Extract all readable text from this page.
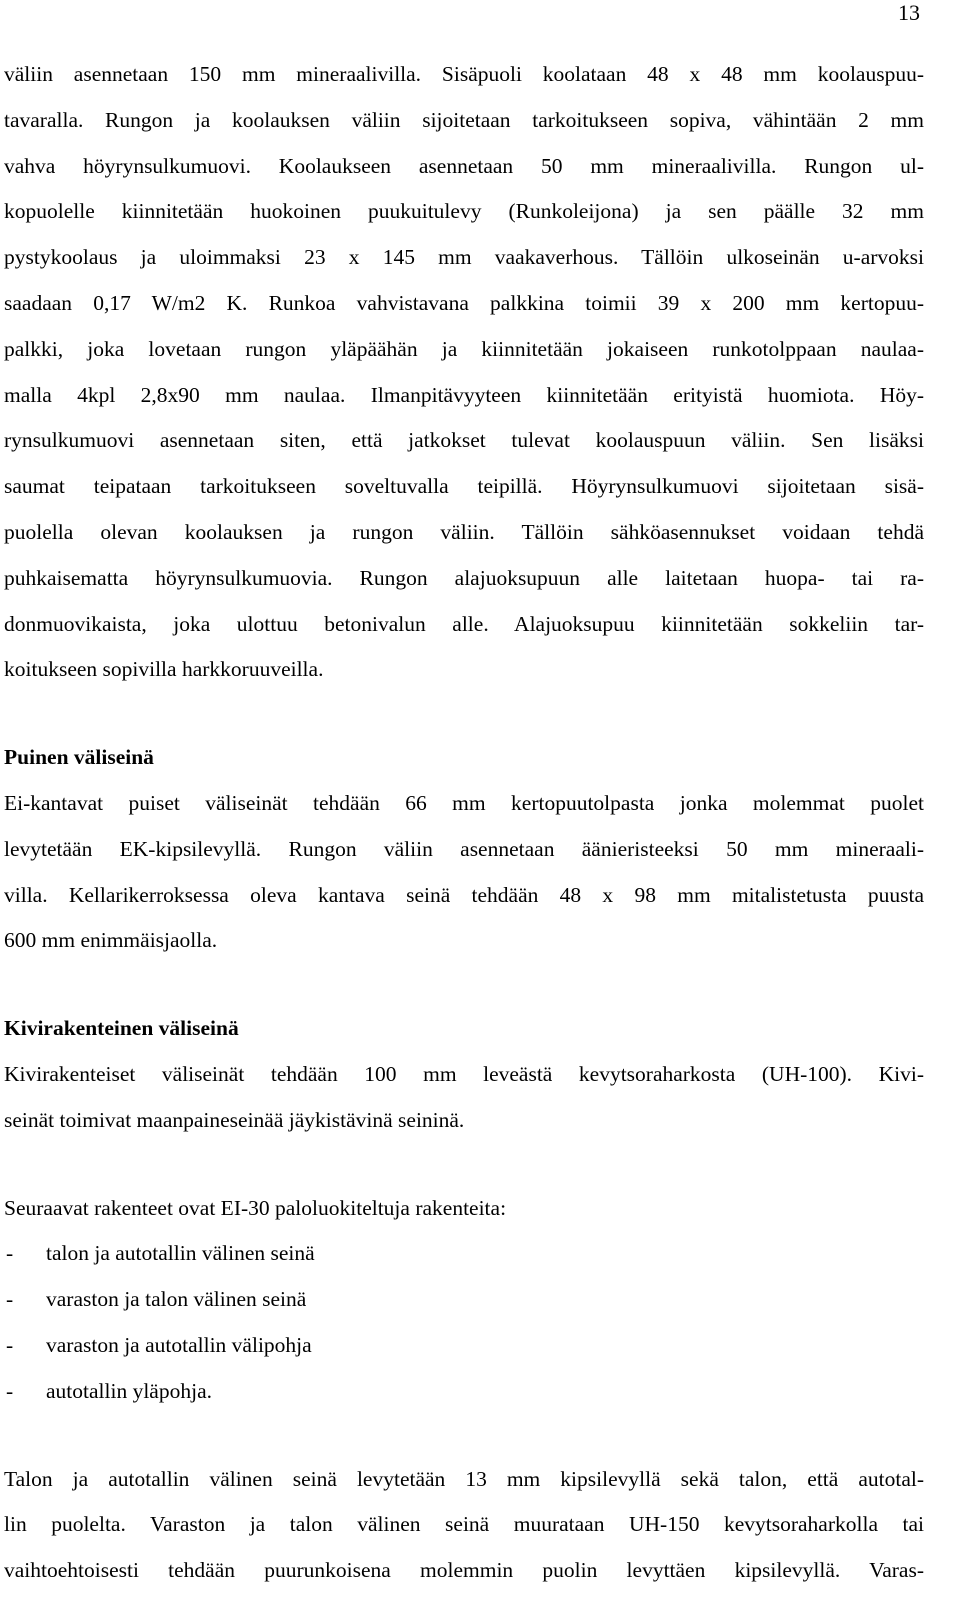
13

väliin asennetaan 150 mm mineraalivilla. Sisäpuoli koolataan 48 x 48 mm koolauspuu-
tavaralla. Rungon ja koolauksen väliin sijoitetaan tarkoitukseen sopiva, vähintään 2 mm
vahva höyrynsulkumuovi. Koolaukseen asennetaan 50 mm mineraalivilla. Rungon ul-
kopuolelle kiinnitetään huokoinen puukuitulevy (Runkoleijona) ja sen päälle 32 mm
pystykoolaus ja uloimmaksi 23 x 145 mm vaakaverhous. Tällöin ulkoseinän u-arvoksi
saadaan 0,17 W/m2 K. Runkoa vahvistavana palkkina toimii 39 x 200 mm kertopuu-
palkki, joka lovetaan rungon yläpäähän ja kiinnitetään jokaiseen runkotolppaan naulaa-
malla 4kpl 2,8x90 mm naulaa. Ilmanpitävyyteen kiinnitetään erityistä huomiota. Höy-
rynsulkumuovi asennetaan siten, että jatkokset tulevat koolauspuun väliin. Sen lisäksi
saumat teipataan tarkoitukseen soveltuvalla teipillä. Höyrynsulkumuovi sijoitetaan sisä-
puolella olevan koolauksen ja rungon väliin. Tällöin sähköasennukset voidaan tehdä
puhkaisematta höyrynsulkumuovia. Rungon alajuoksupuun alle laitetaan huopa- tai ra-
donmuovikaista, joka ulottuu betonivalun alle. Alajuoksupuu kiinnitetään sokkeliin tar-
koitukseen sopivilla harkkoruuveilla.

Puinen väliseinä

Ei-kantavat puiset väliseinät tehdään 66 mm kertopuutolpasta jonka molemmat puolet
levytetään EK-kipsilevyllä. Rungon väliin asennetaan äänieristeeksi 50 mm mineraali-
villa. Kellarikerroksessa oleva kantava seinä tehdään 48 x 98 mm mitalistetusta puusta
600 mm enimmäisjaolla.

Kivirakenteinen väliseinä

Kivirakenteiset väliseinät tehdään 100 mm leveästä kevytsoraharkosta (UH-100). Kivi-
seinät toimivat maanpaineseinää jäykistävinä seininä.

Seuraavat rakenteet ovat EI-30 paloluokiteltuja rakenteita:

- talon ja autotallin välinen seinä
- varaston ja talon välinen seinä
- varaston ja autotallin välipohja
- autotallin yläpohja.

Talon ja autotallin välinen seinä levytetään 13 mm kipsilevyllä sekä talon, että autotal-
lin puolelta. Varaston ja talon välinen seinä muurataan UH-150 kevytsoraharkolla tai
vaihtoehtoisesti tehdään puurunkoisena molemmin puolin levyttäen kipsilevyllä. Varas-
